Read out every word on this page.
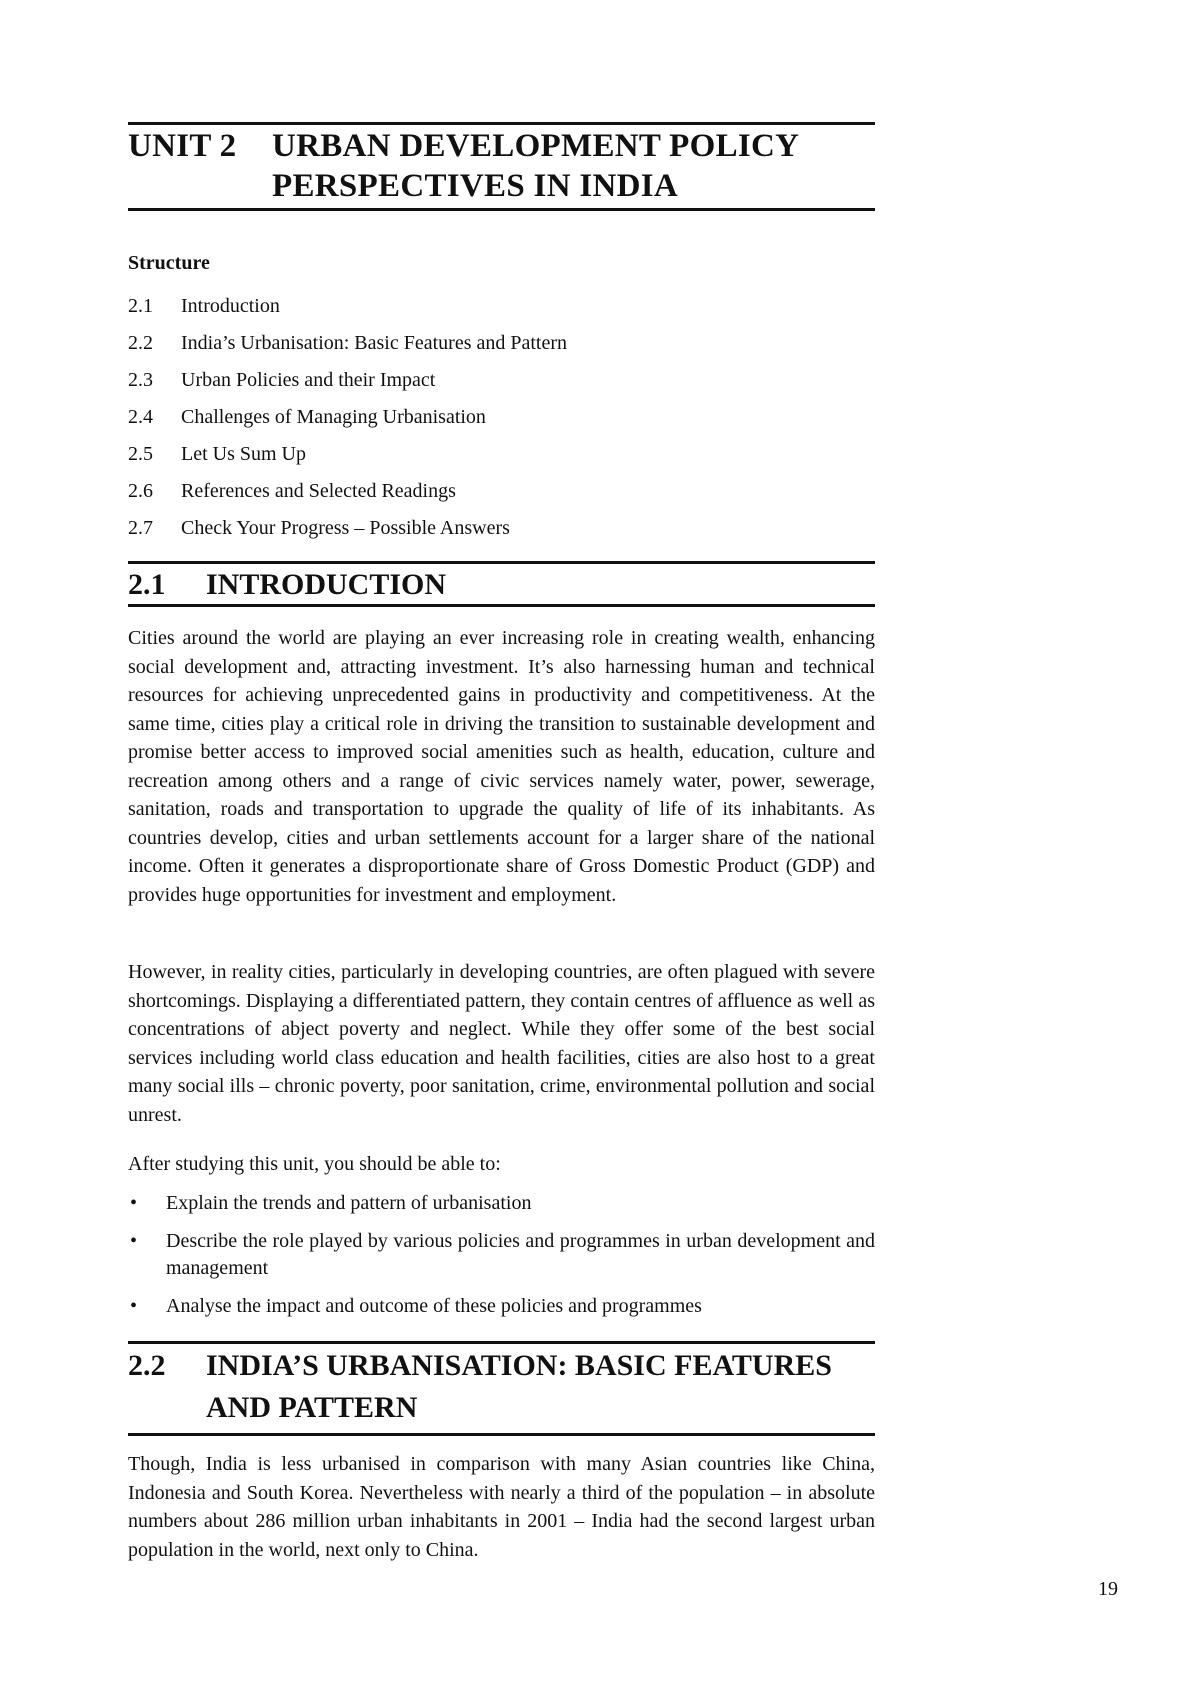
UNIT 2 URBAN DEVELOPMENT POLICY PERSPECTIVES IN INDIA
Structure
2.1 Introduction
2.2 India’s Urbanisation: Basic Features and Pattern
2.3 Urban Policies and their Impact
2.4 Challenges of Managing Urbanisation
2.5 Let Us Sum Up
2.6 References and Selected Readings
2.7 Check Your Progress – Possible Answers
2.1 INTRODUCTION

Cities around the world are playing an ever increasing role in creating wealth, enhancing social development and, attracting investment. It’s also harnessing human and technical resources for achieving unprecedented gains in productivity and competitiveness. At the same time, cities play a critical role in driving the transition to sustainable development and promise better access to improved social amenities such as health, education, culture and recreation among others and a range of civic services namely water, power, sewerage, sanitation, roads and transportation to upgrade the quality of life of its inhabitants. As countries develop, cities and urban settlements account for a larger share of the national income. Often it generates a disproportionate share of Gross Domestic Product (GDP) and provides huge opportunities for investment and employment.

However, in reality cities, particularly in developing countries, are often plagued with severe shortcomings. Displaying a differentiated pattern, they contain centres of affluence as well as concentrations of abject poverty and neglect. While they offer some of the best social services including world class education and health facilities, cities are also host to a great many social ills – chronic poverty, poor sanitation, crime, environmental pollution and social unrest.

After studying this unit, you should be able to:

• Explain the trends and pattern of urbanisation
• Describe the role played by various policies and programmes in urban development and management
• Analyse the impact and outcome of these policies and programmes
2.2 INDIA’S URBANISATION: BASIC FEATURES AND PATTERN

Though, India is less urbanised in comparison with many Asian countries like China, Indonesia and South Korea. Nevertheless with nearly a third of the population – in absolute numbers about 286 million urban inhabitants in 2001 – India had the second largest urban population in the world, next only to China.

19
